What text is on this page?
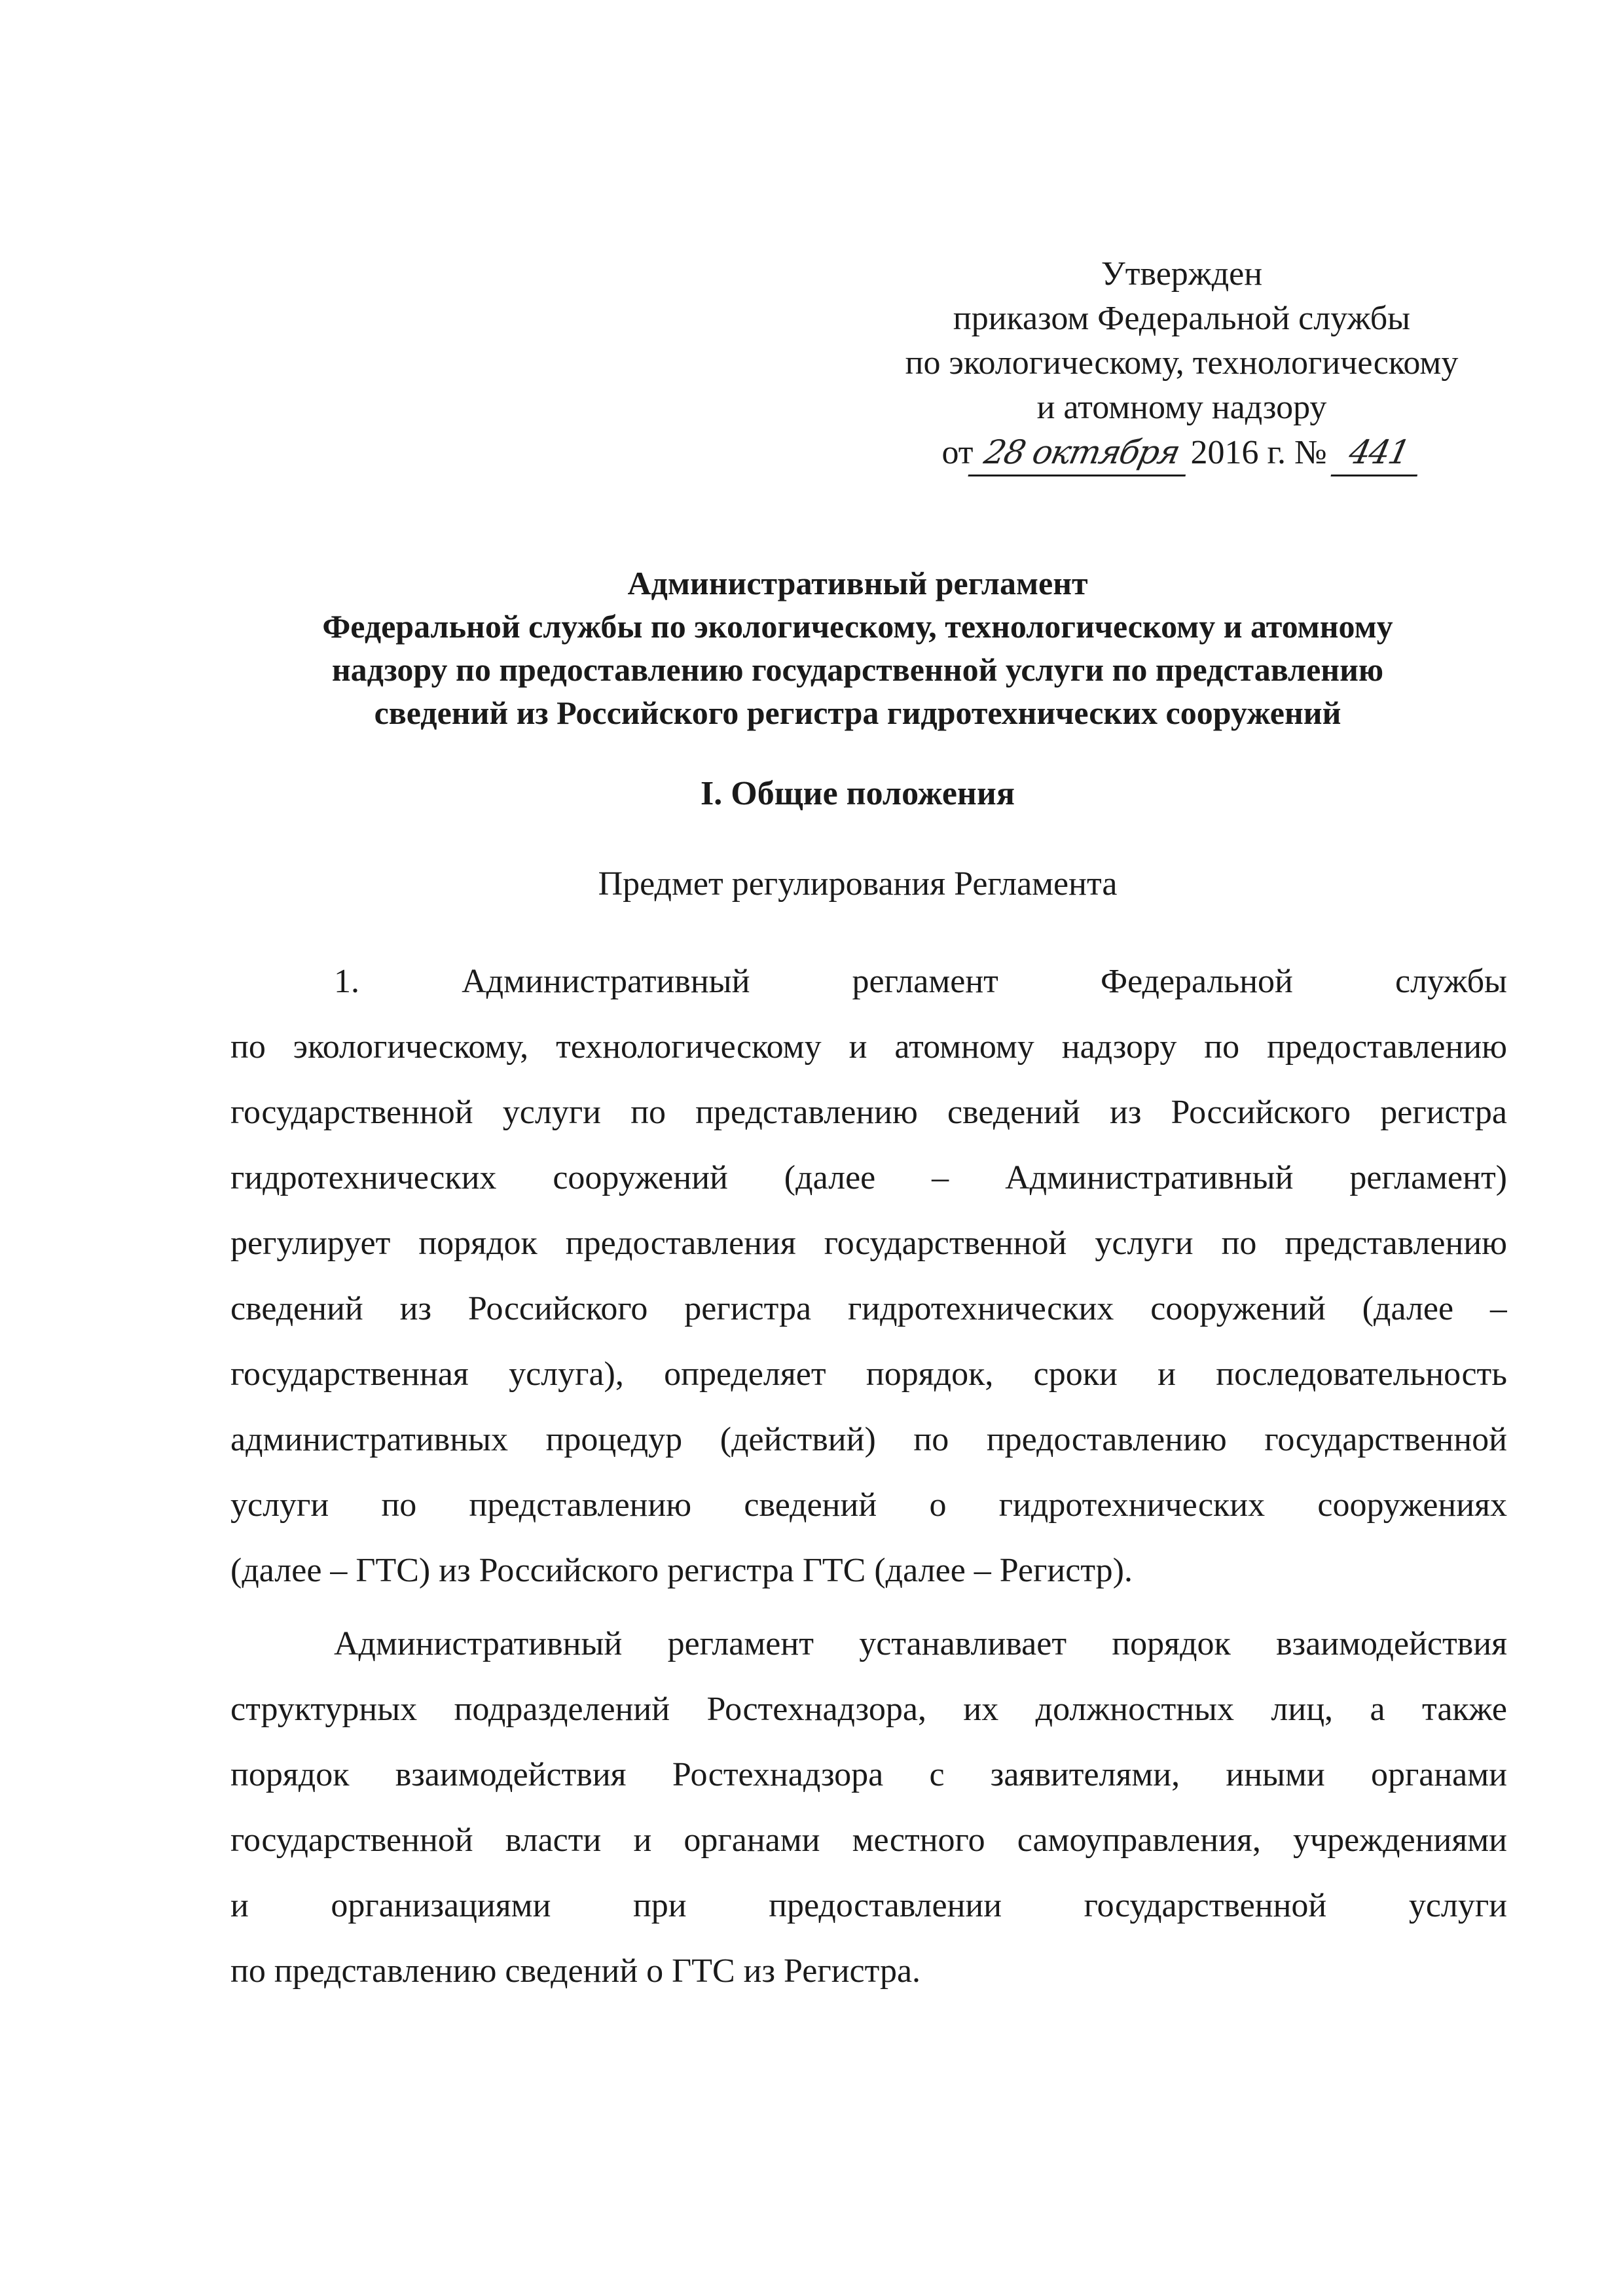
Утвержден
приказом Федеральной службы
по экологическому, технологическому
и атомному надзору
от 28 октября 2016 г. № 441
Административный регламент
Федеральной службы по экологическому, технологическому и атомному
надзору по предоставлению государственной услуги по представлению
сведений из Российского регистра гидротехнических сооружений
I. Общие положения
Предмет регулирования Регламента
1. Административный регламент Федеральной службы
по экологическому, технологическому и атомному надзору по предоставлению
государственной услуги по представлению сведений из Российского регистра
гидротехнических сооружений (далее – Административный регламент)
регулирует порядок предоставления государственной услуги по представлению
сведений из Российского регистра гидротехнических сооружений (далее –
государственная услуга), определяет порядок, сроки и последовательность
административных процедур (действий) по предоставлению государственной
услуги по представлению сведений о гидротехнических сооружениях
(далее – ГТС) из Российского регистра ГТС (далее – Регистр).
Административный регламент устанавливает порядок взаимодействия
структурных подразделений Ростехнадзора, их должностных лиц, а также
порядок взаимодействия Ростехнадзора с заявителями, иными органами
государственной власти и органами местного самоуправления, учреждениями
и организациями при предоставлении государственной услуги
по представлению сведений о ГТС из Регистра.
